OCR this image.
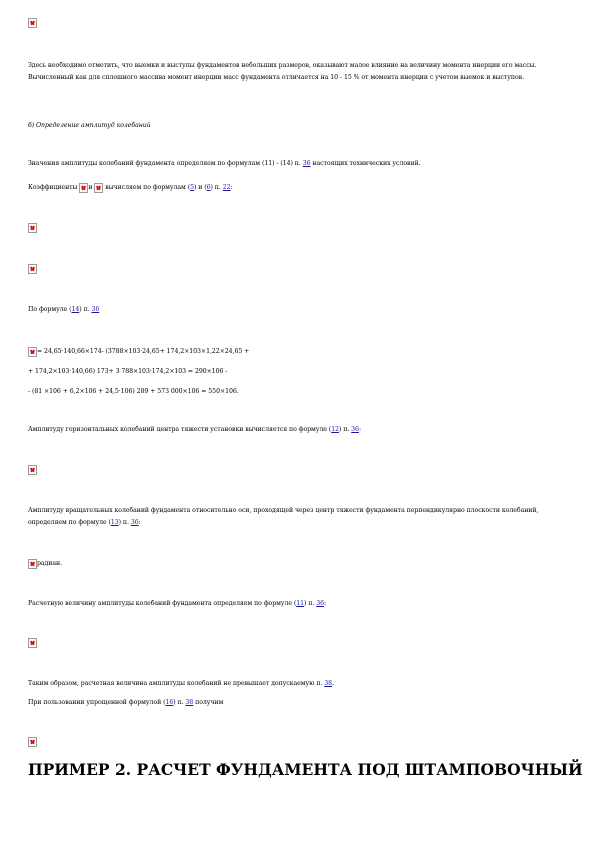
Здесь необходимо отметить, что выемки и выступы фундаментов небольших размеров, оказывают малое влияние на величину момента инерции его массы. Вычисленный как для сплошного массива момент инерции масс фундамента отличается на 10 - 15 % от момента инерции с учетом выемок и выступов.
б) Определение амплитуд колебаний
Значения амплитуды колебаний фундамента определяем по формулам (11) - (14) п. 36 настоящих технических условий.
Коэффициенты и  вычисляем по формулам (5) и (6) п. 22:
По формуле (14) п. 36
= 24,65·140,66×174- (3788×103·24,65+ 174,2×103×1,22×24,65 +
+ 174,2×103·140,66) 173+ 3 788×103·174,2×103 = 290×106 -
- (81 ×106 + 6,2×106 + 24,5·106) 289 + 573 000×106 = 550×106.
Амплитуду горизонтальных колебаний центра тяжести установки вычисляется по формуле (12) п. 36:
Амплитуду вращательных колебаний фундамента относительно оси, проходящей через центр тяжести фундамента перпендикулярно плоскости колебаний, определяем по формуле (13) п. 36:
радиан.
Расчетную величину амплитуды колебаний фундамента определяем по формуле (11) п. 36:
Таким образом, расчетная величина амплитуды колебаний не превышает допускаемую п. 38.
При пользовании упрощенной формулой (16) п. 38 получим
ПРИМЕР 2. РАСЧЕТ ФУНДАМЕНТА ПОД ШТАМПОВОЧНЫЙ
